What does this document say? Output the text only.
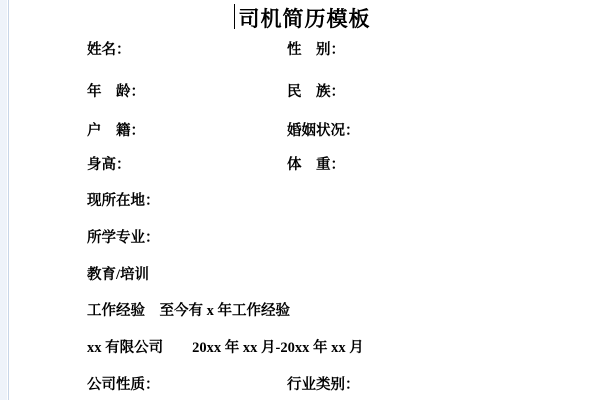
司机简历模板
姓名：	性　别：
年　龄：	民　族：
户　籍：	婚姻状况：
身高：	体　重：
现所在地：
所学专业：
教育/培训
工作经验　至今有 x 年工作经验
xx 有限公司　　20xx 年 xx 月-20xx 年 xx 月
公司性质：	行业类别：
